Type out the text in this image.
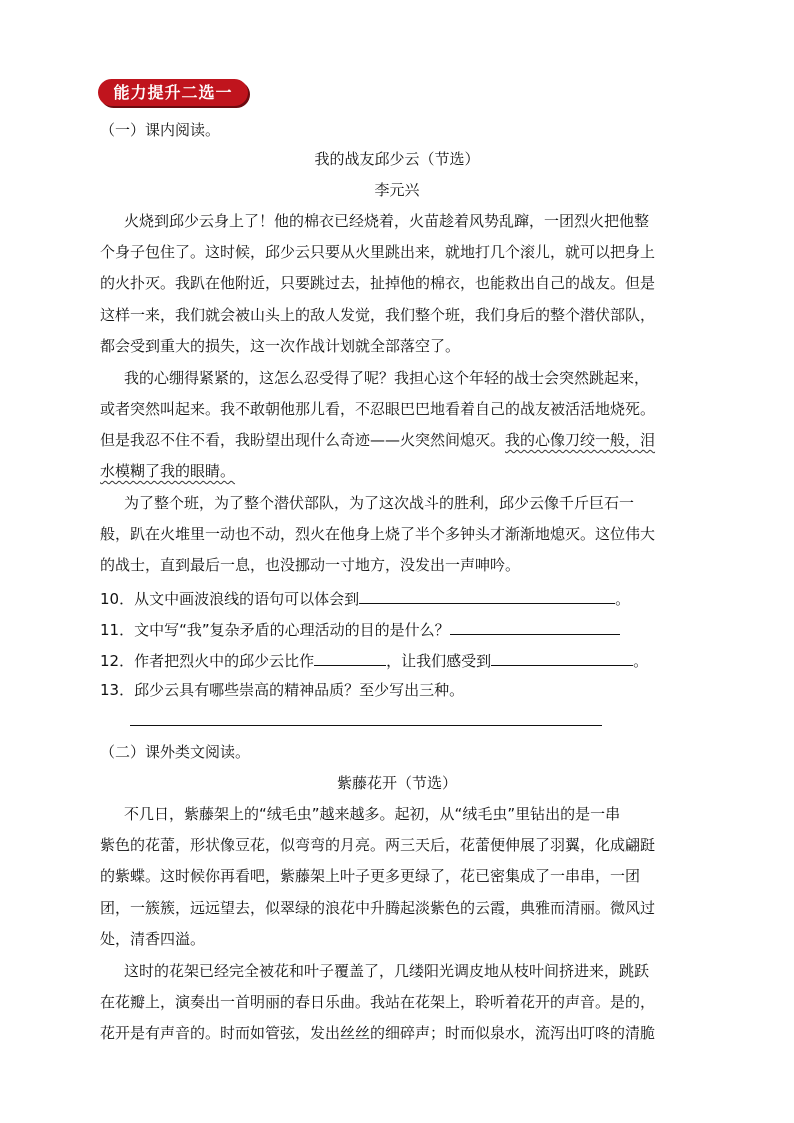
能力提升二选一
（一）课内阅读。
我的战友邱少云（节选）
李元兴
火烧到邱少云身上了！他的棉衣已经烧着，火苗趁着风势乱蹿，一团烈火把他整
个身子包住了。这时候，邱少云只要从火里跳出来，就地打几个滚儿，就可以把身上
的火扑灭。我趴在他附近，只要跳过去，扯掉他的棉衣，也能救出自己的战友。但是
这样一来，我们就会被山头上的敌人发觉，我们整个班，我们身后的整个潜伏部队，
都会受到重大的损失，这一次作战计划就全部落空了。
我的心绷得紧紧的，这怎么忍受得了呢？我担心这个年轻的战士会突然跳起来，
或者突然叫起来。我不敢朝他那儿看，不忍眼巴巴地看着自己的战友被活活地烧死。
但是我忍不住不看，我盼望出现什么奇迹——火突然间熄灭。我的心像刀绞一般，泪
水模糊了我的眼睛。
为了整个班，为了整个潜伏部队，为了这次战斗的胜利，邱少云像千斤巨石一
般，趴在火堆里一动也不动，烈火在他身上烧了半个多钟头才渐渐地熄灭。这位伟大
的战士，直到最后一息，也没挪动一寸地方，没发出一声呻吟。
10．从文中画波浪线的语句可以体会到	。
11．文中写“我”复杂矛盾的心理活动的目的是什么？
12．作者把烈火中的邱少云比作	，让我们感受到	。
13．邱少云具有哪些崇高的精神品质？至少写出三种。
（二）课外类文阅读。
紫藤花开（节选）
不几日，紫藤架上的“绒毛虫”越来越多。起初，从“绒毛虫”里钻出的是一串
紫色的花蕾，形状像豆花，似弯弯的月亮。两三天后，花蕾便伸展了羽翼，化成翩跹
的紫蝶。这时候你再看吧，紫藤架上叶子更多更绿了，花已密集成了一串串，一团
团，一簇簇，远远望去，似翠绿的浪花中升腾起淡紫色的云霞，典雅而清丽。微风过
处，清香四溢。
这时的花架已经完全被花和叶子覆盖了，几缕阳光调皮地从枝叶间挤进来，跳跃
在花瓣上，演奏出一首明丽的春日乐曲。我站在花架上，聆听着花开的声音。是的，
花开是有声音的。时而如管弦，发出丝丝的细碎声；时而似泉水，流泻出叮咚的清脆
